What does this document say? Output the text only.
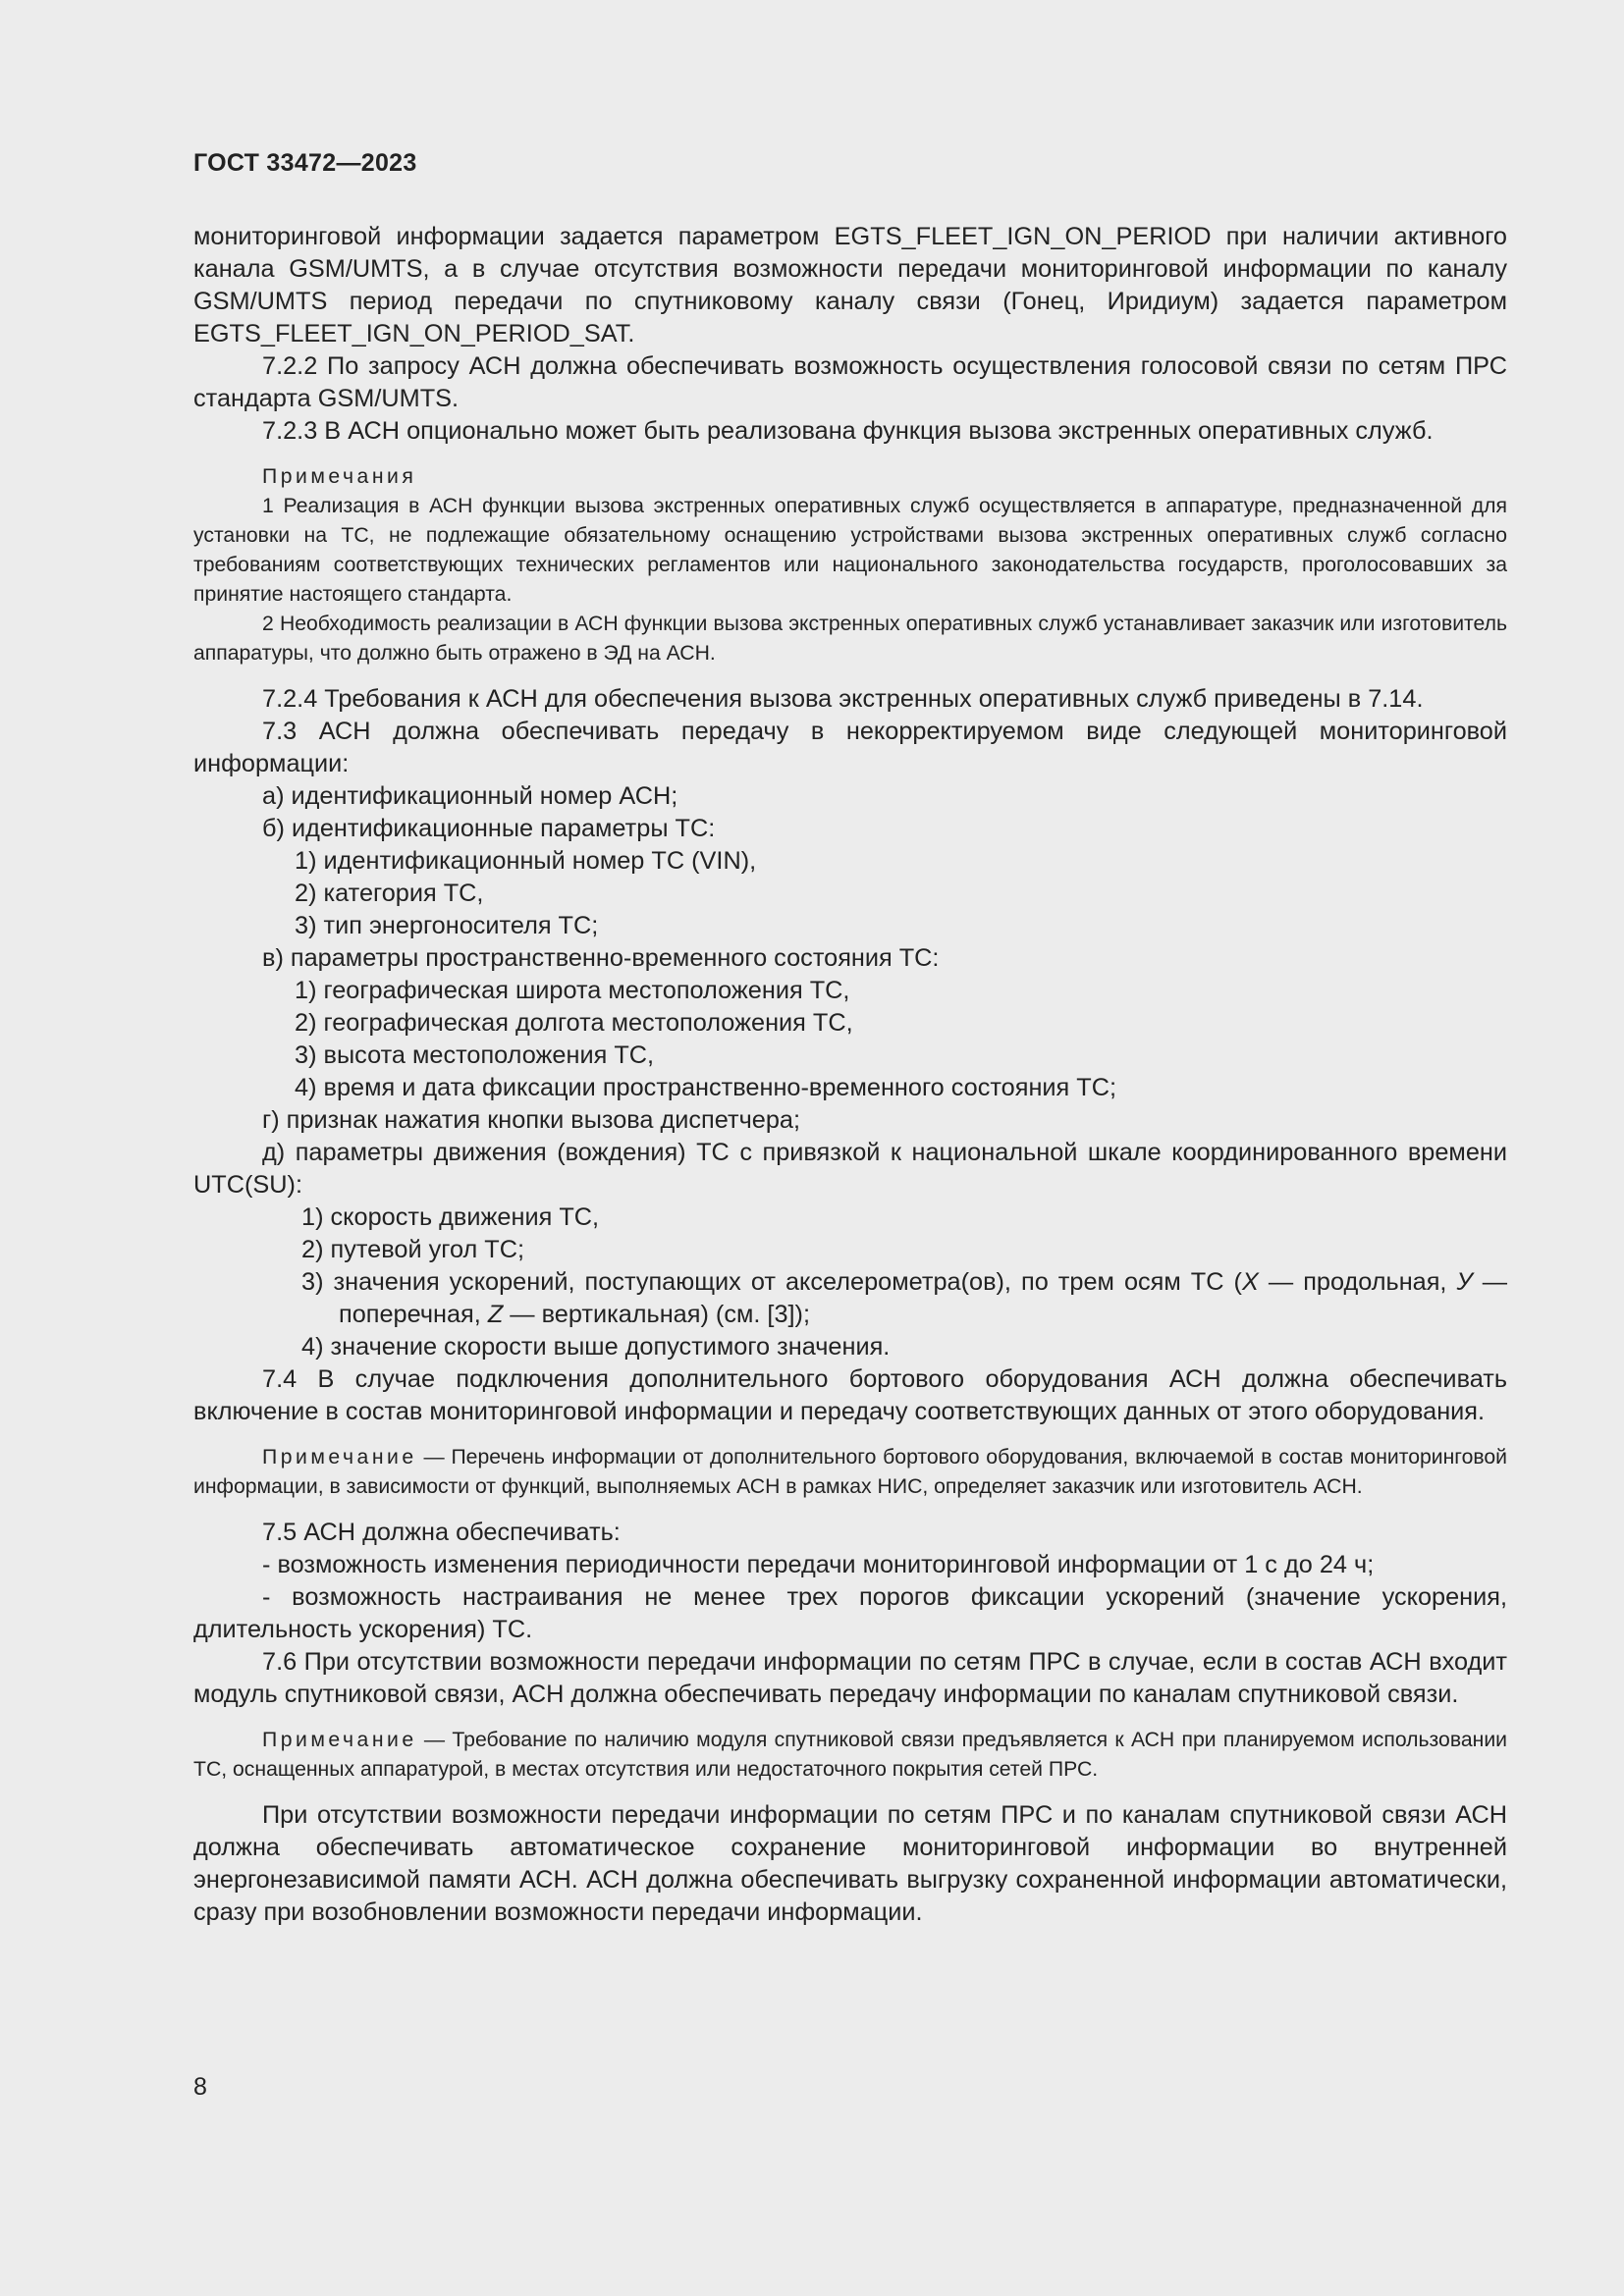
ГОСТ 33472—2023

мониторинговой информации задается параметром EGTS_FLEET_IGN_ON_PERIOD при наличии активного канала GSM/UMTS, а в случае отсутствия возможности передачи мониторинговой информации по каналу GSM/UMTS период передачи по спутниковому каналу связи (Гонец, Иридиум) задается параметром EGTS_FLEET_IGN_ON_PERIOD_SAT.

7.2.2 По запросу АСН должна обеспечивать возможность осуществления голосовой связи по сетям ПРС стандарта GSM/UMTS.

7.2.3 В АСН опционально может быть реализована функция вызова экстренных оперативных служб.

Примечания

1 Реализация в АСН функции вызова экстренных оперативных служб осуществляется в аппаратуре, предназначенной для установки на ТС, не подлежащие обязательному оснащению устройствами вызова экстренных оперативных служб согласно требованиям соответствующих технических регламентов или национального законодательства государств, проголосовавших за принятие настоящего стандарта.

2 Необходимость реализации в АСН функции вызова экстренных оперативных служб устанавливает заказчик или изготовитель аппаратуры, что должно быть отражено в ЭД на АСН.

7.2.4 Требования к АСН для обеспечения вызова экстренных оперативных служб приведены в 7.14.

7.3 АСН должна обеспечивать передачу в некорректируемом виде следующей мониторинговой информации:

а) идентификационный номер АСН;

б) идентификационные параметры ТС:

1) идентификационный номер ТС (VIN),

2) категория ТС,

3) тип энергоносителя ТС;

в) параметры пространственно-временного состояния ТС:

1) географическая широта местоположения ТС,

2) географическая долгота местоположения ТС,

3) высота местоположения ТС,

4) время и дата фиксации пространственно-временного состояния ТС;

г) признак нажатия кнопки вызова диспетчера;

д) параметры движения (вождения) ТС с привязкой к национальной шкале координированного времени UTC(SU):

1) скорость движения ТС,

2) путевой угол ТС;

3) значения ускорений, поступающих от акселерометра(ов), по трем осям ТС (X — продольная, У — поперечная, Z — вертикальная) (см. [3]);

4) значение скорости выше допустимого значения.

7.4 В случае подключения дополнительного бортового оборудования АСН должна обеспечивать включение в состав мониторинговой информации и передачу соответствующих данных от этого оборудования.

Примечание — Перечень информации от дополнительного бортового оборудования, включаемой в состав мониторинговой информации, в зависимости от функций, выполняемых АСН в рамках НИС, определяет заказчик или изготовитель АСН.

7.5 АСН должна обеспечивать:

- возможность изменения периодичности передачи мониторинговой информации от 1 с до 24 ч;

- возможность настраивания не менее трех порогов фиксации ускорений (значение ускорения, длительность ускорения) ТС.

7.6 При отсутствии возможности передачи информации по сетям ПРС в случае, если в состав АСН входит модуль спутниковой связи, АСН должна обеспечивать передачу информации по каналам спутниковой связи.

Примечание — Требование по наличию модуля спутниковой связи предъявляется к АСН при планируемом использовании ТС, оснащенных аппаратурой, в местах отсутствия или недостаточного покрытия сетей ПРС.

При отсутствии возможности передачи информации по сетям ПРС и по каналам спутниковой связи АСН должна обеспечивать автоматическое сохранение мониторинговой информации во внутренней энергонезависимой памяти АСН. АСН должна обеспечивать выгрузку сохраненной информации автоматически, сразу при возобновлении возможности передачи информации.

8
